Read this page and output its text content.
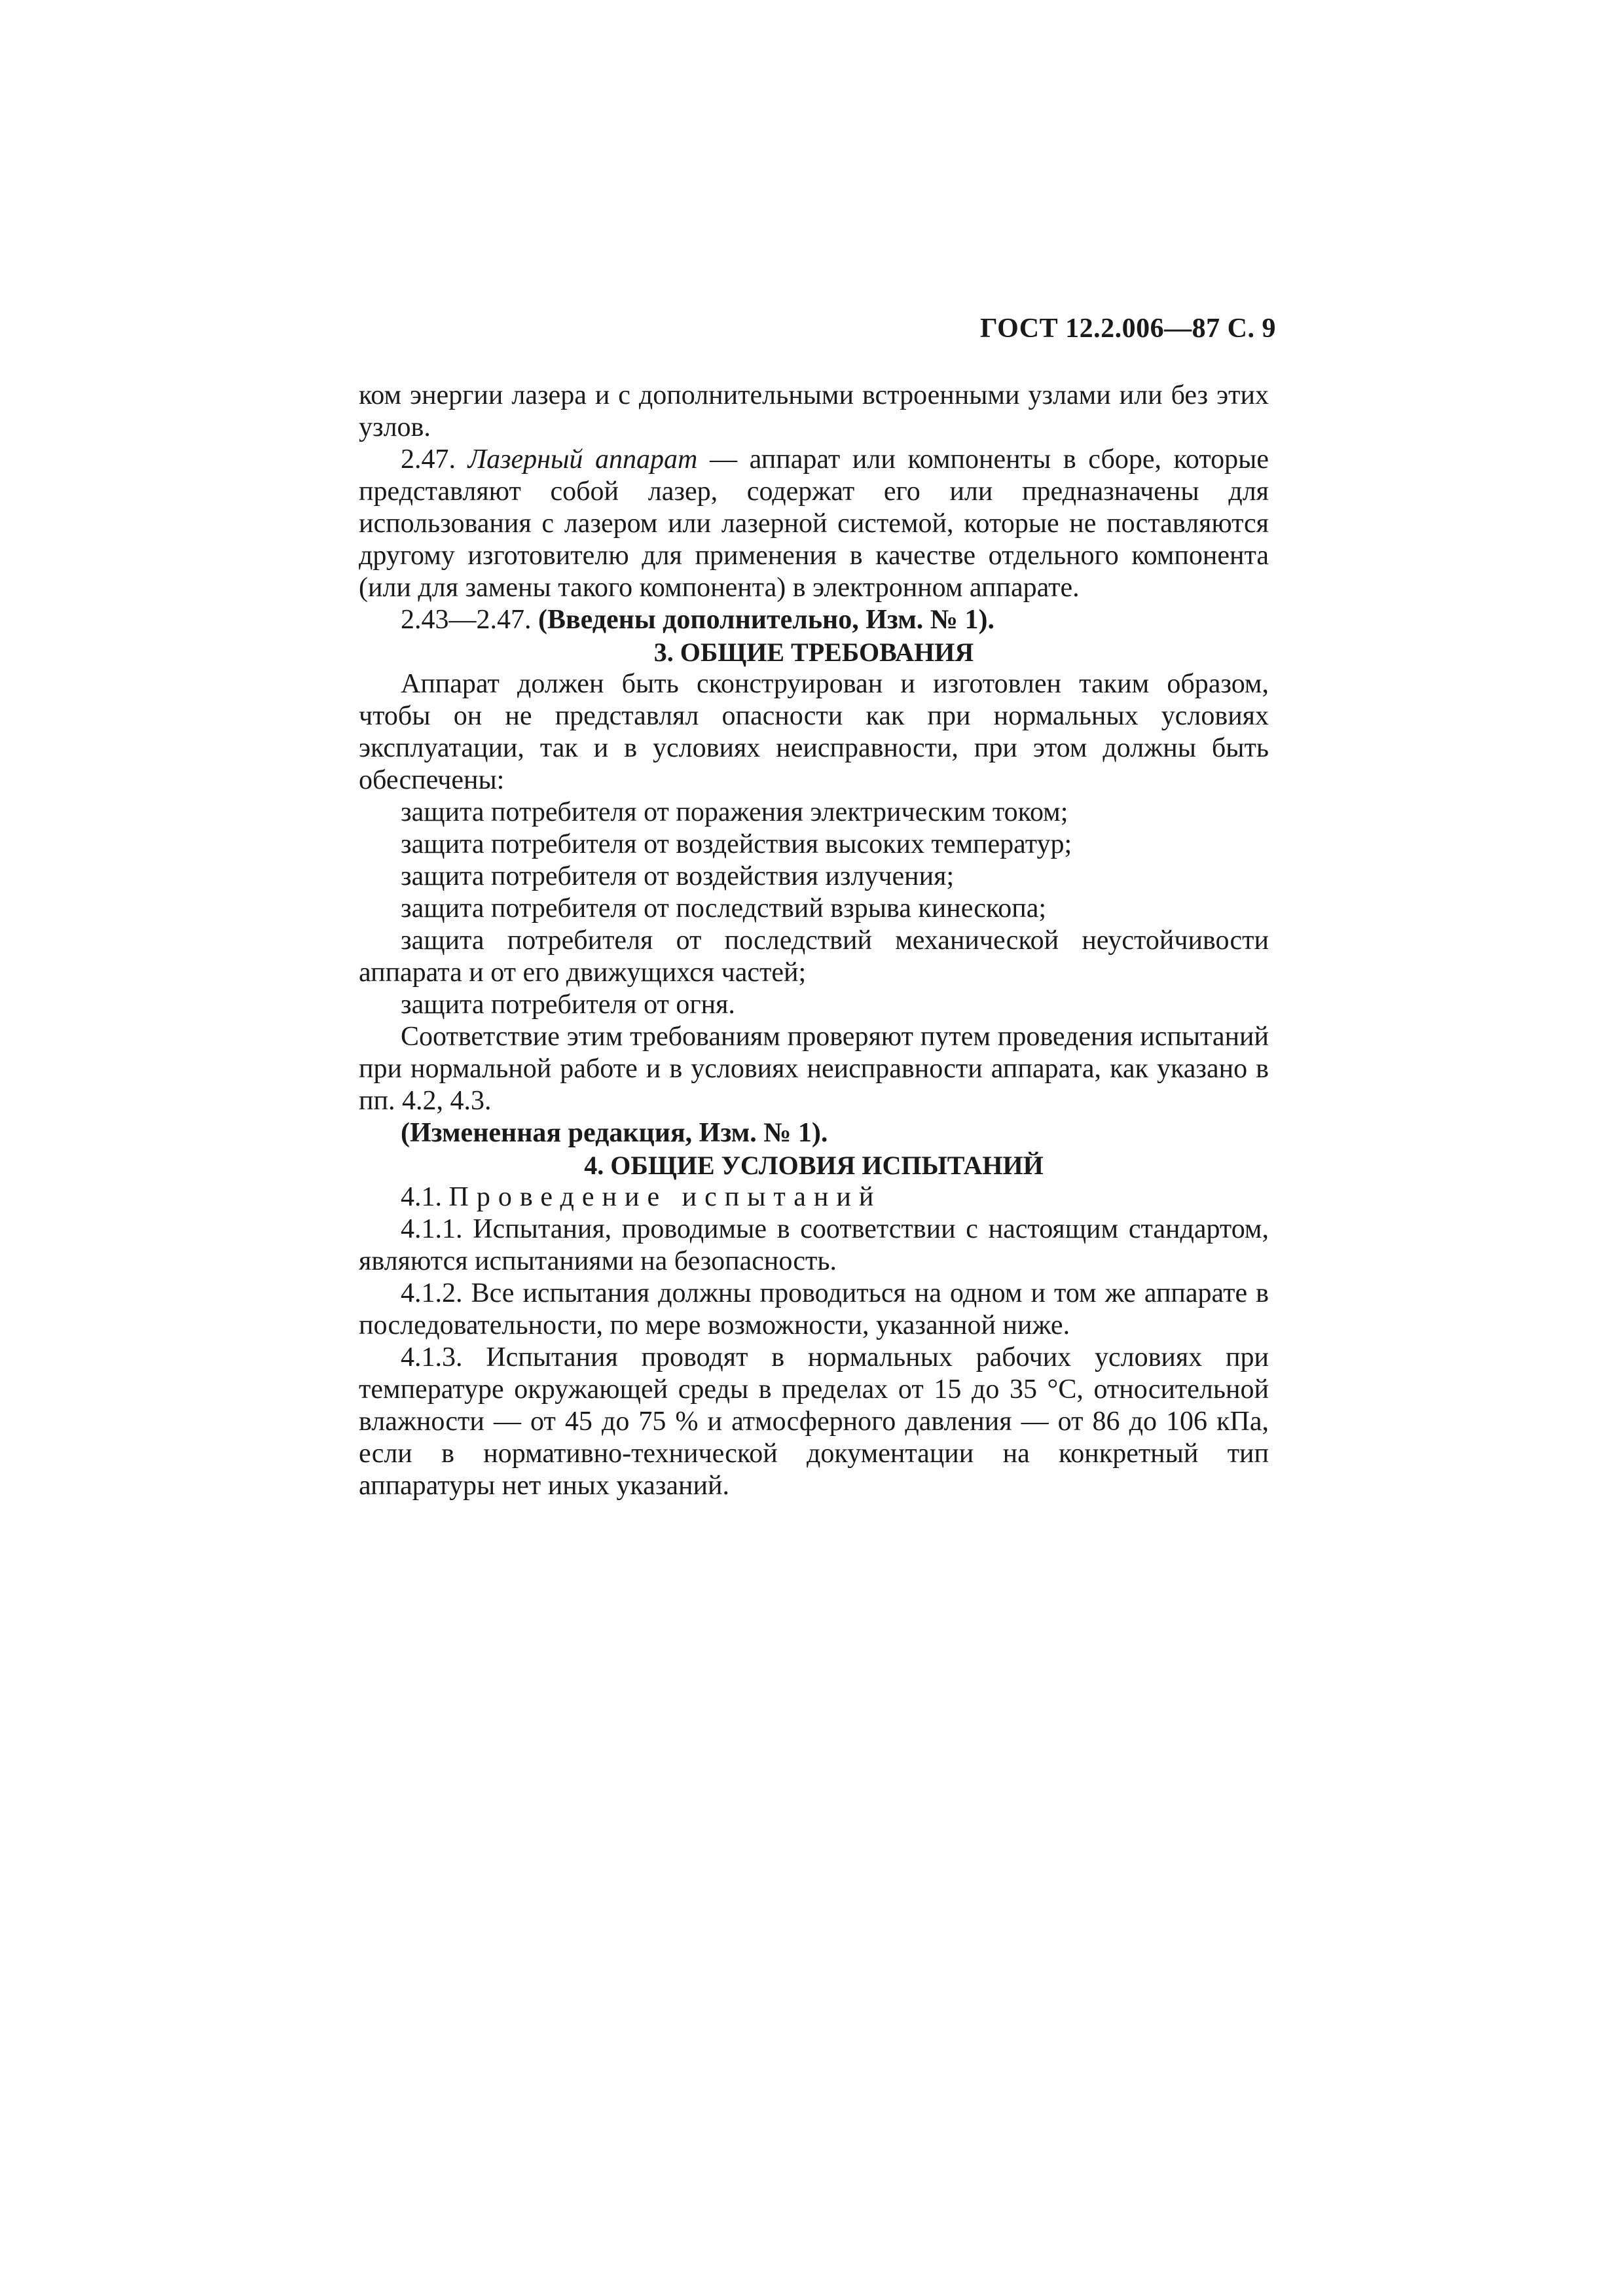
ГОСТ 12.2.006—87 С. 9

ком энергии лазера и с дополнительными встроенными узлами или без этих узлов.

2.47. Лазерный аппарат — аппарат или компоненты в сборе, которые представляют собой лазер, содержат его или предназначены для использования с лазером или лазерной системой, которые не поставляются другому изготовителю для применения в качестве отдельного компонента (или для замены такого компонента) в электронном аппарате.

2.43—2.47. (Введены дополнительно, Изм. № 1).

3. ОБЩИЕ ТРЕБОВАНИЯ

Аппарат должен быть сконструирован и изготовлен таким образом, чтобы он не представлял опасности как при нормальных условиях эксплуатации, так и в условиях неисправности, при этом должны быть обеспечены:

защита потребителя от поражения электрическим током;

защита потребителя от воздействия высоких температур;

защита потребителя от воздействия излучения;

защита потребителя от последствий взрыва кинескопа;

защита потребителя от последствий механической неустойчивости аппарата и от его движущихся частей;

защита потребителя от огня.

Соответствие этим требованиям проверяют путем проведения испытаний при нормальной работе и в условиях неисправности аппарата, как указано в пп. 4.2, 4.3.

(Измененная редакция, Изм. № 1).

4. ОБЩИЕ УСЛОВИЯ ИСПЫТАНИЙ

4.1. Проведение испытаний

4.1.1. Испытания, проводимые в соответствии с настоящим стандартом, являются испытаниями на безопасность.

4.1.2. Все испытания должны проводиться на одном и том же аппарате в последовательности, по мере возможности, указанной ниже.

4.1.3. Испытания проводят в нормальных рабочих условиях при температуре окружающей среды в пределах от 15 до 35 °С, относительной влажности — от 45 до 75 % и атмосферного давления — от 86 до 106 кПа, если в нормативно-технической документации на конкретный тип аппаратуры нет иных указаний.
